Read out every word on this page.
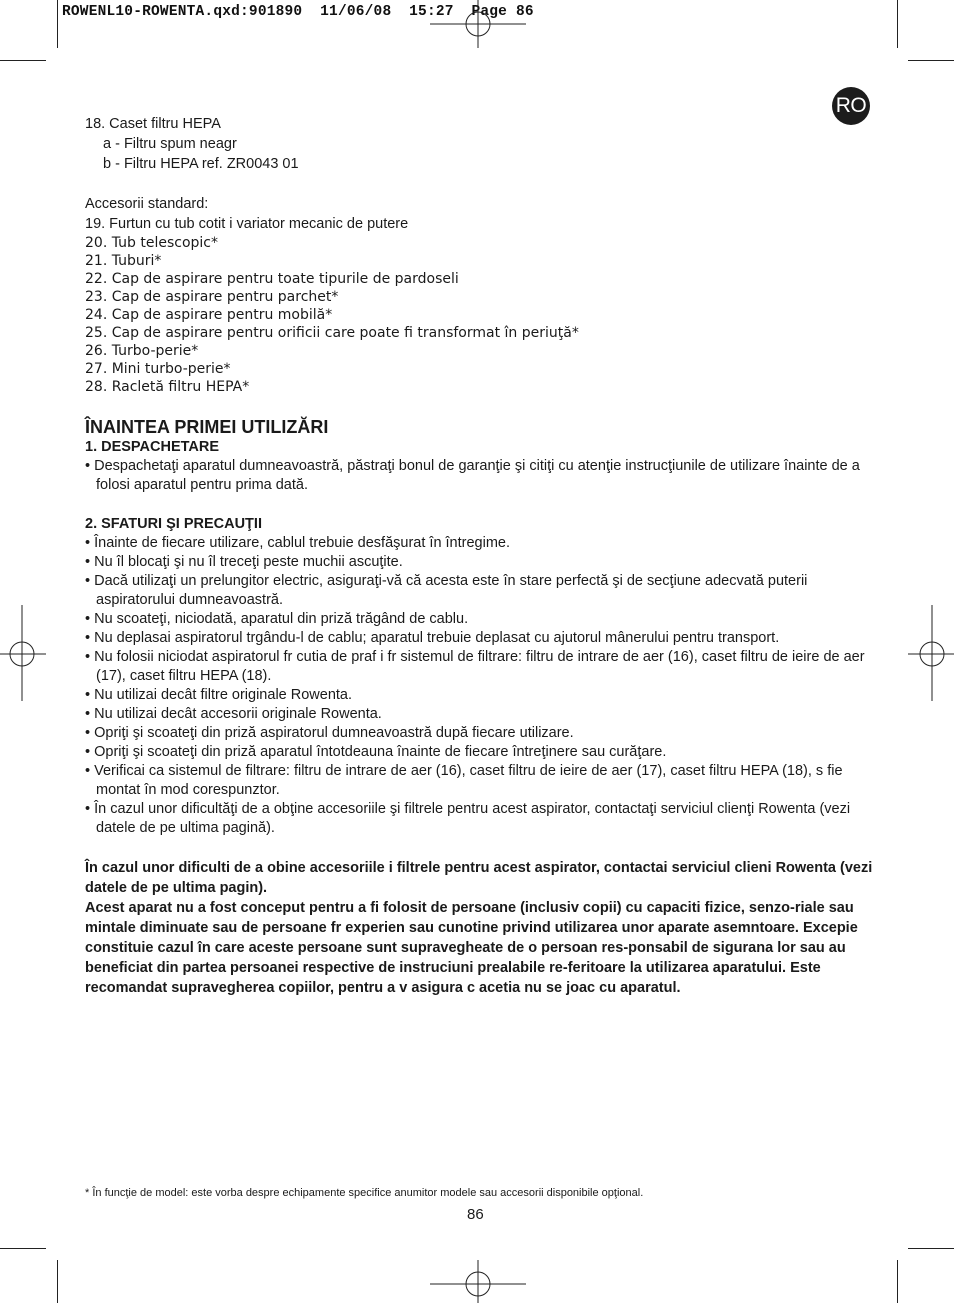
ROWENL10-ROWENTA.qxd:901890  11/06/08  15:27  Page 86
RO
18. Caset filtru HEPA
a - Filtru spum neagr
b - Filtru HEPA ref. ZR0043 01
Accesorii standard:
19. Furtun cu tub cotit i variator mecanic de putere
20. Tub telescopic*
21. Tuburi*
22. Cap de aspirare pentru toate tipurile de pardoseli
23. Cap de aspirare pentru parchet*
24. Cap de aspirare pentru mobilă*
25. Cap de aspirare pentru orificii care poate fi transformat în periuţă*
26. Turbo-perie*
27. Mini turbo-perie*
28. Racletă filtru HEPA*
ÎNAINTEA PRIMEI UTILIZĂRI
1. DESPACHETARE
• Despachetaţi aparatul dumneavoastră, păstraţi bonul de garanţie şi citiţi cu atenţie instrucţiunile de utilizare înainte de a folosi aparatul pentru prima dată.
2. SFATURI ŞI PRECAUŢII
• Înainte de fiecare utilizare, cablul trebuie desfăşurat în întregime.
• Nu îl blocaţi şi nu îl treceţi peste muchii ascuţite.
• Dacă utilizaţi un prelungitor electric, asiguraţi-vă că acesta este în stare perfectă şi de secţiune adecvată puterii aspiratorului dumneavoastră.
• Nu scoateţi, niciodată, aparatul din priză trăgând de cablu.
• Nu deplasai aspiratorul trgându-l de cablu; aparatul trebuie deplasat cu ajutorul mânerului pentru transport.
• Nu folosii niciodat aspiratorul fr cutia de praf i fr sistemul de filtrare: filtru de intrare de aer (16), caset filtru de ieire de aer (17), caset filtru HEPA (18).
• Nu utilizai decât filtre originale Rowenta.
• Nu utilizai decât accesorii originale Rowenta.
• Opriţi şi scoateţi din priză aspiratorul dumneavoastră după fiecare utilizare.
• Opriţi şi scoateţi din priză aparatul întotdeauna înainte de fiecare întreţinere sau curăţare.
• Verificai ca sistemul de filtrare: filtru de intrare de aer (16), caset filtru de ieire de aer (17), caset filtru HEPA (18), s fie montat în mod corespunztor.
• În cazul unor dificultăţi de a obţine accesoriile şi filtrele pentru acest aspirator, contactaţi serviciul clienţi Rowenta (vezi datele de pe ultima pagină).
În cazul unor dificulti de a obine accesoriile i filtrele pentru acest aspirator, contactai serviciul clieni Rowenta (vezi datele de pe ultima pagin).
Acest aparat nu a fost conceput pentru a fi folosit de persoane (inclusiv copii) cu capaciti fizice, senzo-riale sau mintale diminuate sau de persoane fr experien sau cunotine privind utilizarea unor aparate asemntoare. Excepie constituie cazul în care aceste persoane sunt supravegheate de o persoan res-ponsabil de sigurana lor sau au beneficiat din partea persoanei respective de instruciuni prealabile re-feritoare la utilizarea aparatului. Este recomandat supravegherea copiilor, pentru a v asigura c acetia nu se joac cu aparatul.
* În funcţie de model: este vorba despre echipamente specifice anumitor modele sau accesorii disponibile opţional.
86
